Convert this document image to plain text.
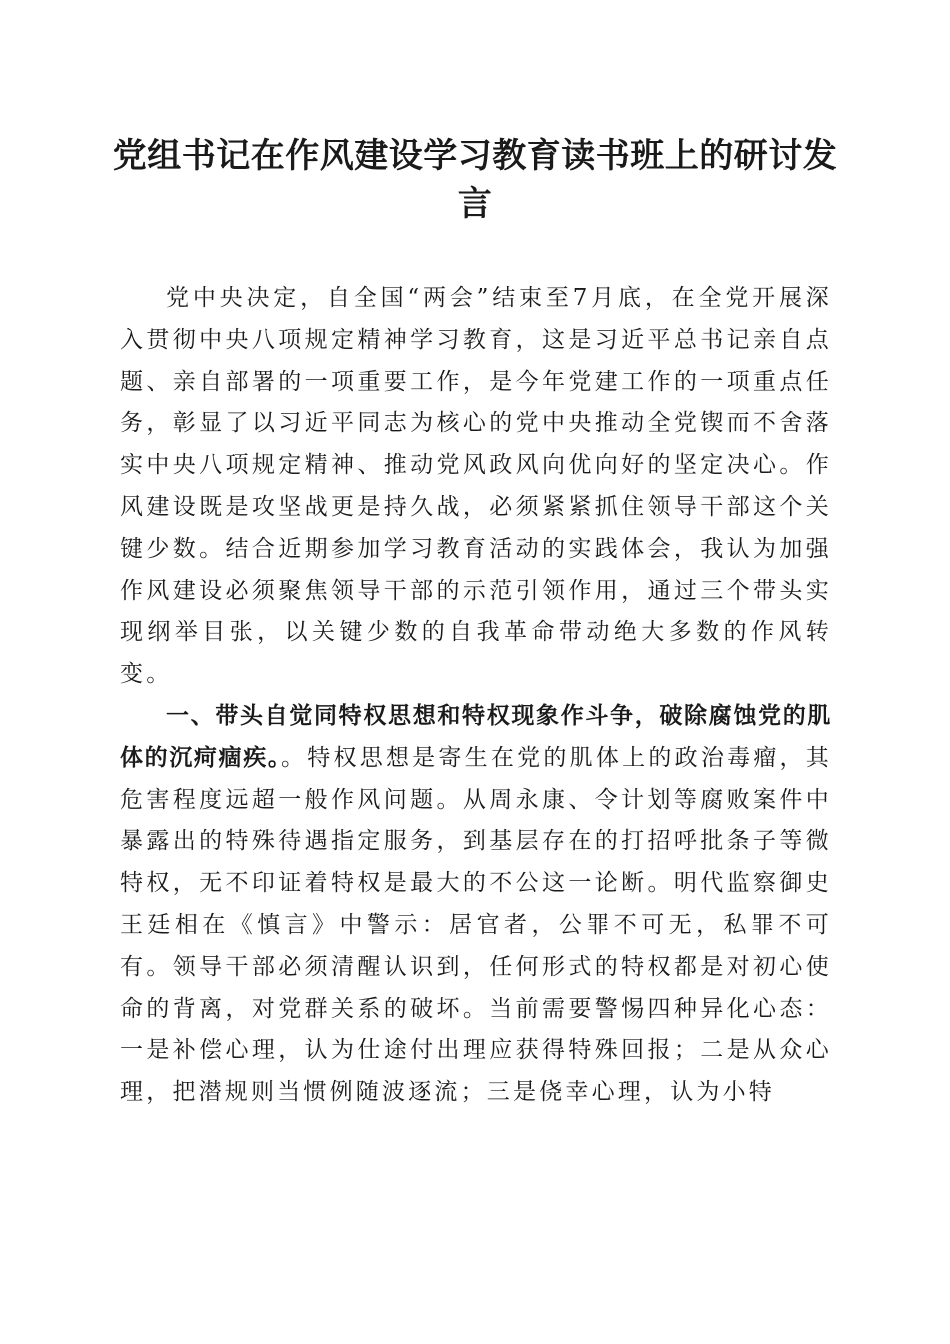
党组书记在作风建设学习教育读书班上的研讨发言

党中央决定，自全国“两会”结束至7月底，在全党开展深入贯彻中央八项规定精神学习教育，这是习近平总书记亲自点题、亲自部署的一项重要工作，是今年党建工作的一项重点任务，彰显了以习近平同志为核心的党中央推动全党锲而不舍落实中央八项规定精神、推动党风政风向优向好的坚定决心。作风建设既是攻坚战更是持久战，必须紧紧抓住领导干部这个关键少数。结合近期参加学习教育活动的实践体会，我认为加强作风建设必须聚焦领导干部的示范引领作用，通过三个带头实现纲举目张，以关键少数的自我革命带动绝大多数的作风转变。

一、带头自觉同特权思想和特权现象作斗争，破除腐蚀党的肌体的沉疴痼疾。。特权思想是寄生在党的肌体上的政治毒瘤，其危害程度远超一般作风问题。从周永康、令计划等腐败案件中暴露出的特殊待遇指定服务，到基层存在的打招呼批条子等微特权，无不印证着特权是最大的不公这一论断。明代监察御史王廷相在《慎言》中警示：居官者，公罪不可无，私罪不可有。领导干部必须清醒认识到，任何形式的特权都是对初心使命的背离，对党群关系的破坏。当前需要警惕四种异化心态：一是补偿心理，认为仕途付出理应获得特殊回报；二是从众心理，把潜规则当惯例随波逐流；三是侥幸心理，认为小特
